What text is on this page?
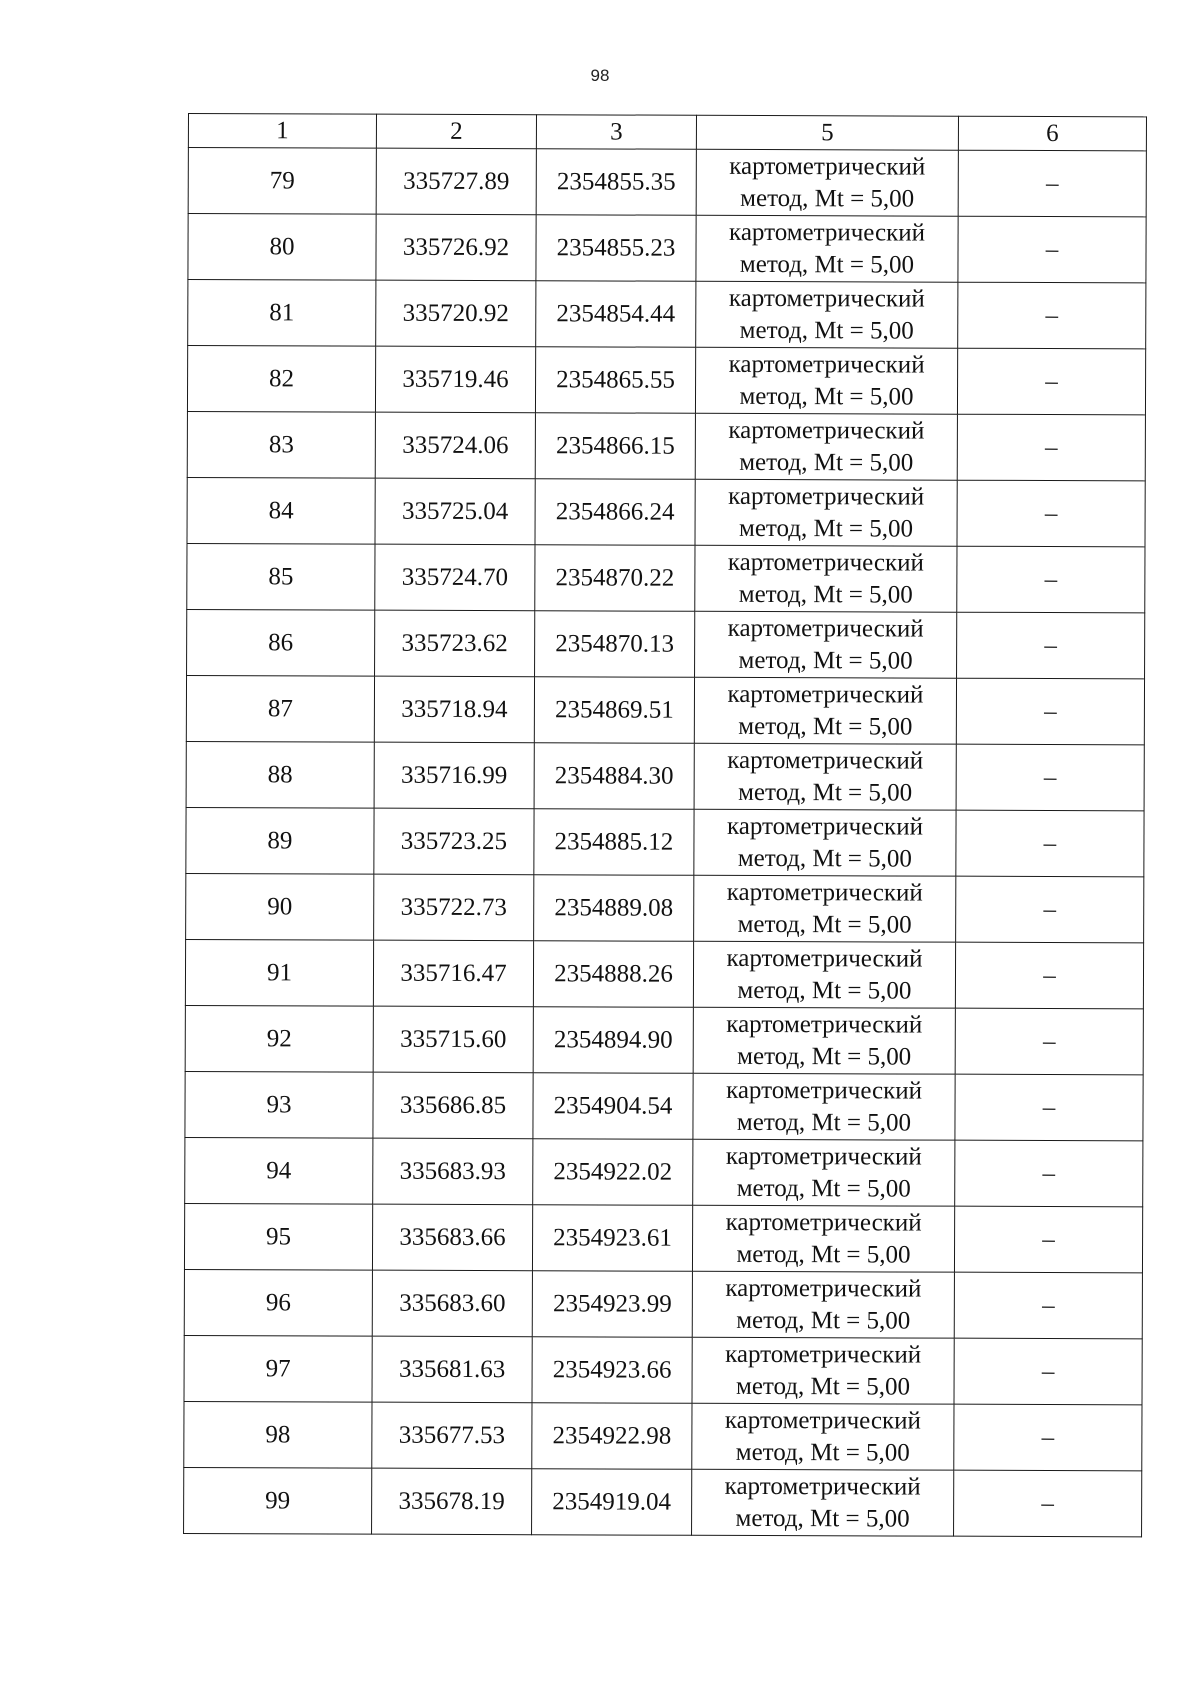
98
1	2	3	5	6
79	335727.89	2354855.35	картометрический
метод, Mt = 5,00	–
80	335726.92	2354855.23	картометрический
метод, Mt = 5,00	–
81	335720.92	2354854.44	картометрический
метод, Mt = 5,00	–
82	335719.46	2354865.55	картометрический
метод, Mt = 5,00	–
83	335724.06	2354866.15	картометрический
метод, Mt = 5,00	–
84	335725.04	2354866.24	картометрический
метод, Mt = 5,00	–
85	335724.70	2354870.22	картометрический
метод, Mt = 5,00	–
86	335723.62	2354870.13	картометрический
метод, Mt = 5,00	–
87	335718.94	2354869.51	картометрический
метод, Mt = 5,00	–
88	335716.99	2354884.30	картометрический
метод, Mt = 5,00	–
89	335723.25	2354885.12	картометрический
метод, Mt = 5,00	–
90	335722.73	2354889.08	картометрический
метод, Mt = 5,00	–
91	335716.47	2354888.26	картометрический
метод, Mt = 5,00	–
92	335715.60	2354894.90	картометрический
метод, Mt = 5,00	–
93	335686.85	2354904.54	картометрический
метод, Mt = 5,00	–
94	335683.93	2354922.02	картометрический
метод, Mt = 5,00	–
95	335683.66	2354923.61	картометрический
метод, Mt = 5,00	–
96	335683.60	2354923.99	картометрический
метод, Mt = 5,00	–
97	335681.63	2354923.66	картометрический
метод, Mt = 5,00	–
98	335677.53	2354922.98	картометрический
метод, Mt = 5,00	–
99	335678.19	2354919.04	картометрический
метод, Mt = 5,00	–
